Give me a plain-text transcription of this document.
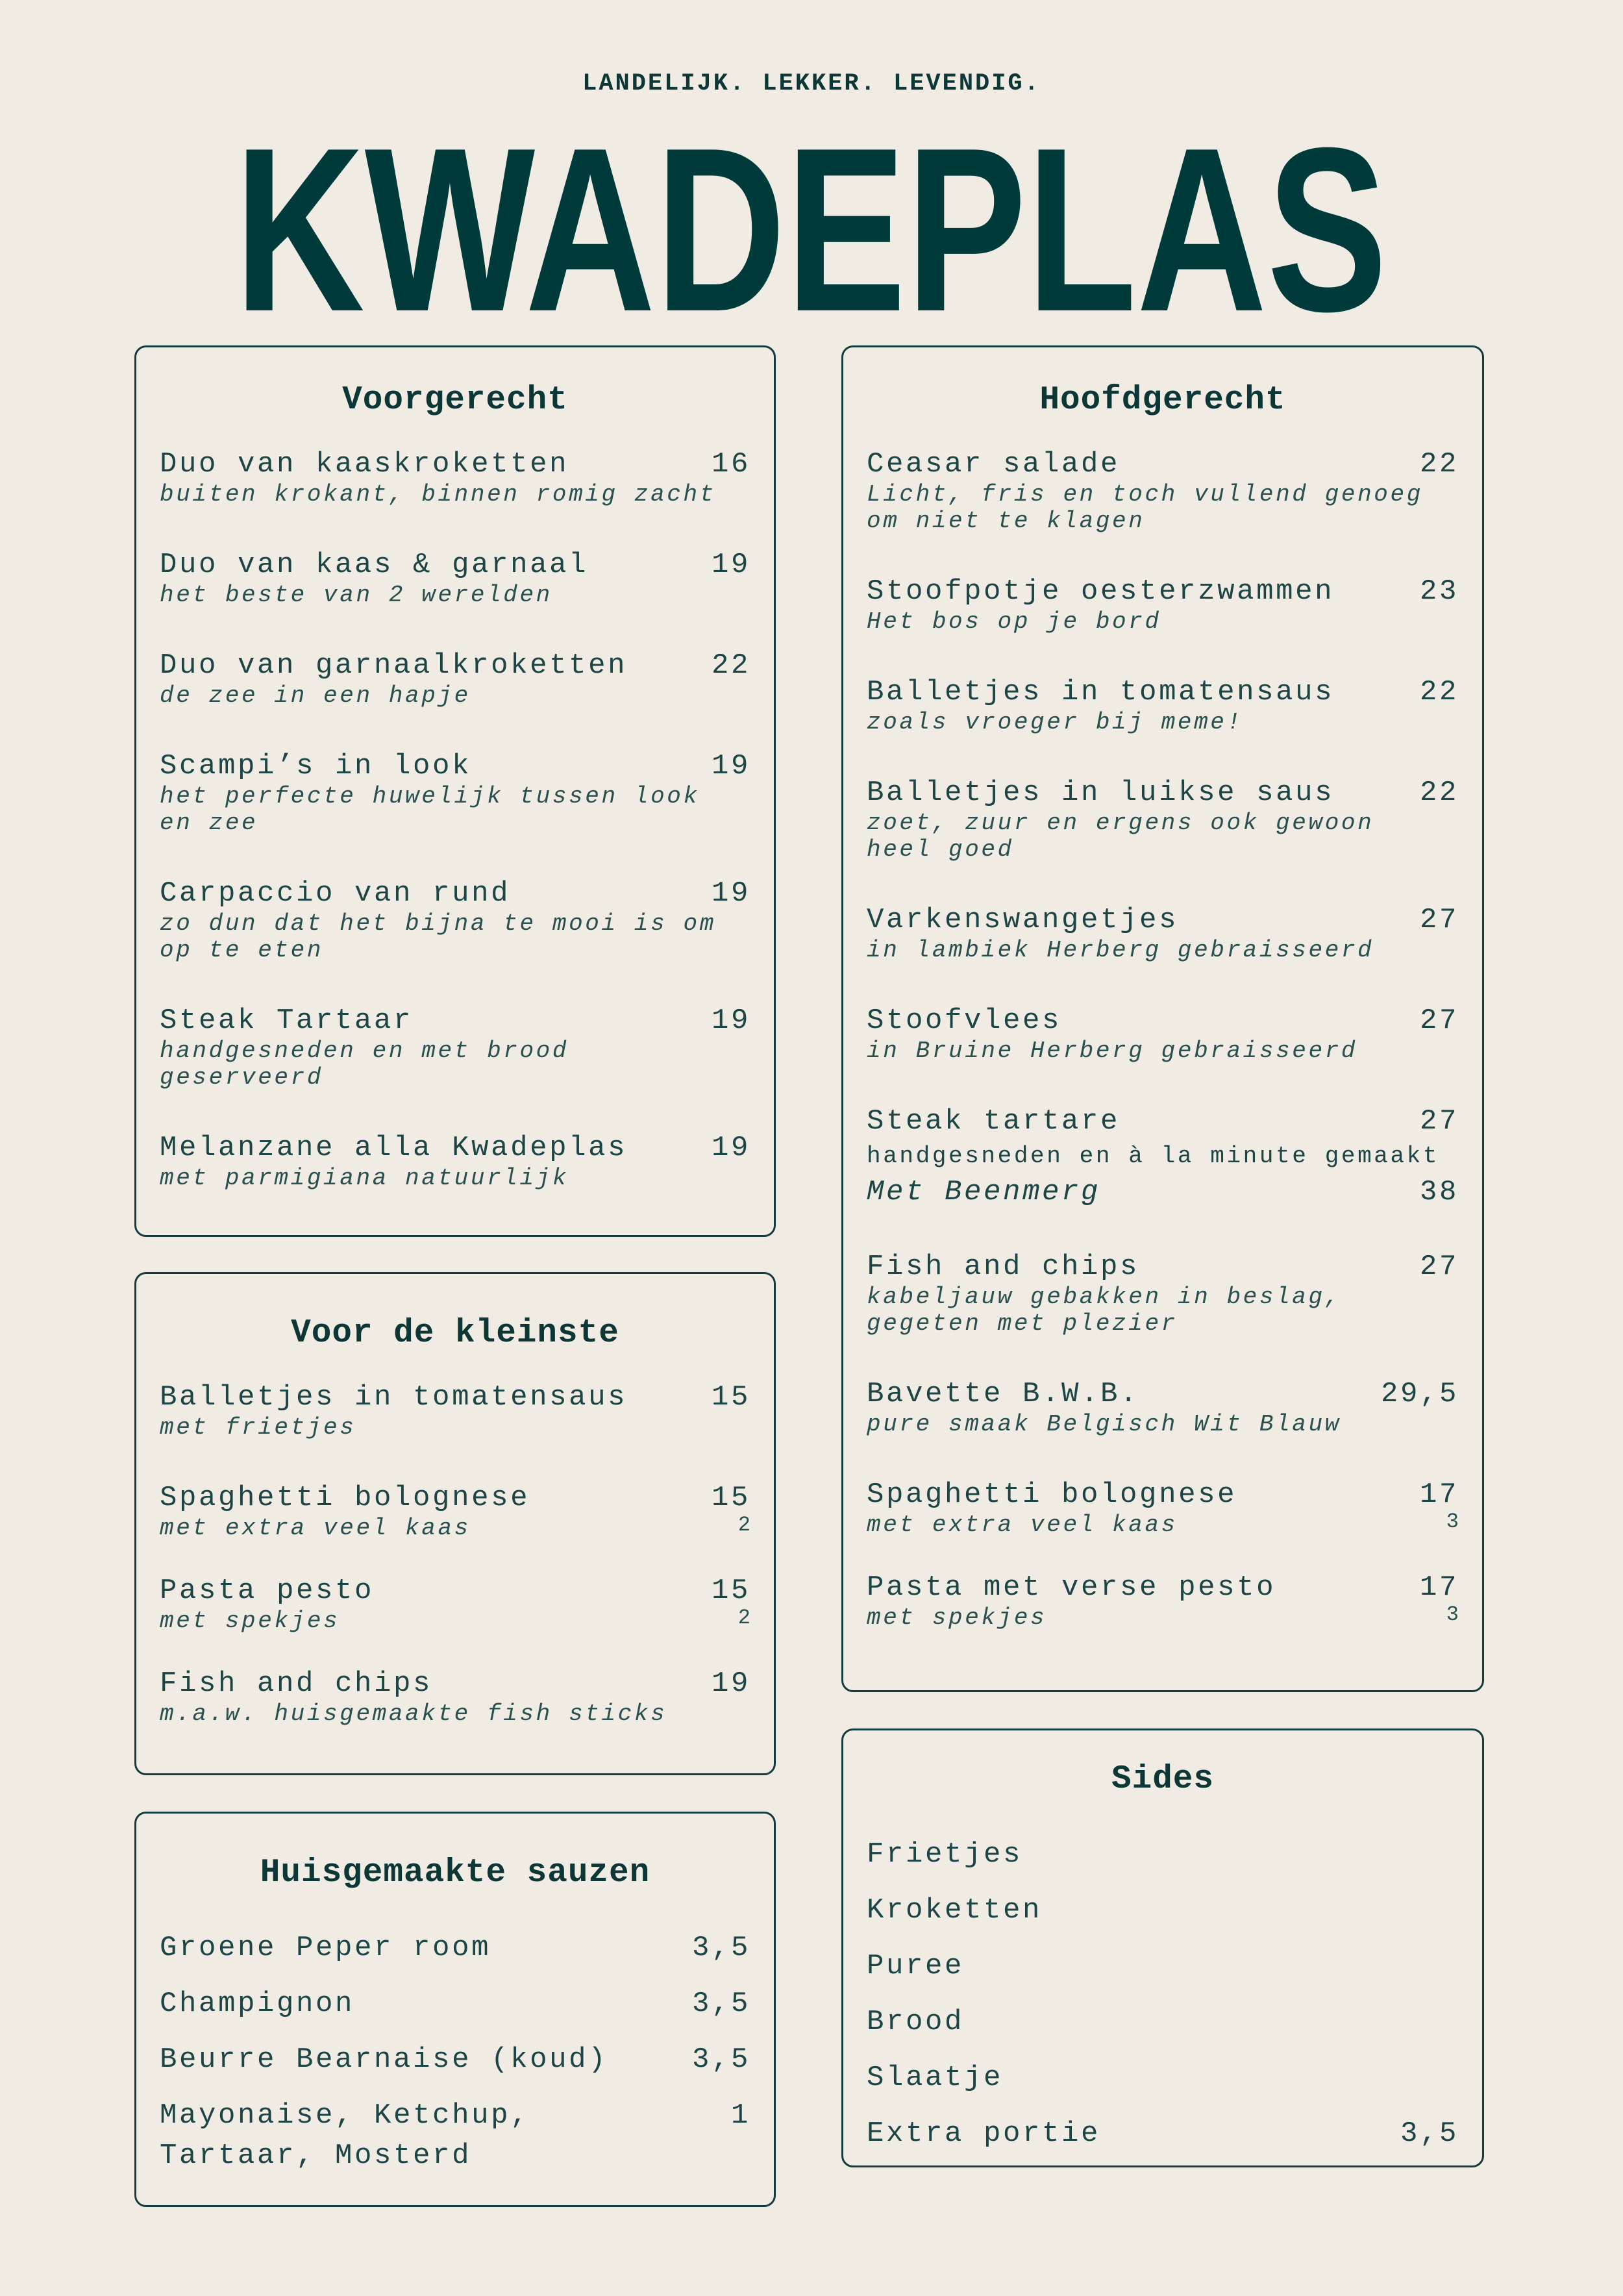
LANDELIJK. LEKKER. LEVENDIG.
KWADEPLAS
Voorgerecht
Duo van kaaskroketten	16
buiten krokant, binnen romig zacht
Duo van kaas & garnaal	19
het beste van 2 werelden
Duo van garnaalkroketten	22
de zee in een hapje
Scampi’s in look	19
het perfecte huwelijk tussen look en zee
Carpaccio van rund	19
zo dun dat het bijna te mooi is om op te eten
Steak Tartaar	19
handgesneden en met brood geserveerd
Melanzane alla Kwadeplas	19
met parmigiana natuurlijk
Voor de kleinste
Balletjes in tomatensaus	15
met frietjes
Spaghetti bolognese	15
met extra veel kaas	2
Pasta pesto	15
met spekjes	2
Fish and chips	19
m.a.w. huisgemaakte fish sticks
Huisgemaakte sauzen
Groene Peper room	3,5
Champignon	3,5
Beurre Bearnaise (koud)	3,5
Mayonaise, Ketchup,	1
Tartaar, Mosterd
Hoofdgerecht
Ceasar salade	22
Licht, fris en toch vullend genoeg om niet te klagen
Stoofpotje oesterzwammen	23
Het bos op je bord
Balletjes in tomatensaus	22
zoals vroeger bij meme!
Balletjes in luikse saus	22
zoet, zuur en ergens ook gewoon heel goed
Varkenswangetjes	27
in lambiek Herberg gebraisseerd
Stoofvlees	27
in Bruine Herberg gebraisseerd
Steak tartare	27
handgesneden en à la minute gemaakt
Met Beenmerg	38
Fish and chips	27
kabeljauw gebakken in beslag, gegeten met plezier
Bavette B.W.B.	29,5
pure smaak Belgisch Wit Blauw
Spaghetti bolognese	17
met extra veel kaas	3
Pasta met verse pesto	17
met spekjes	3
Sides
Frietjes
Kroketten
Puree
Brood
Slaatje
Extra portie	3,5
